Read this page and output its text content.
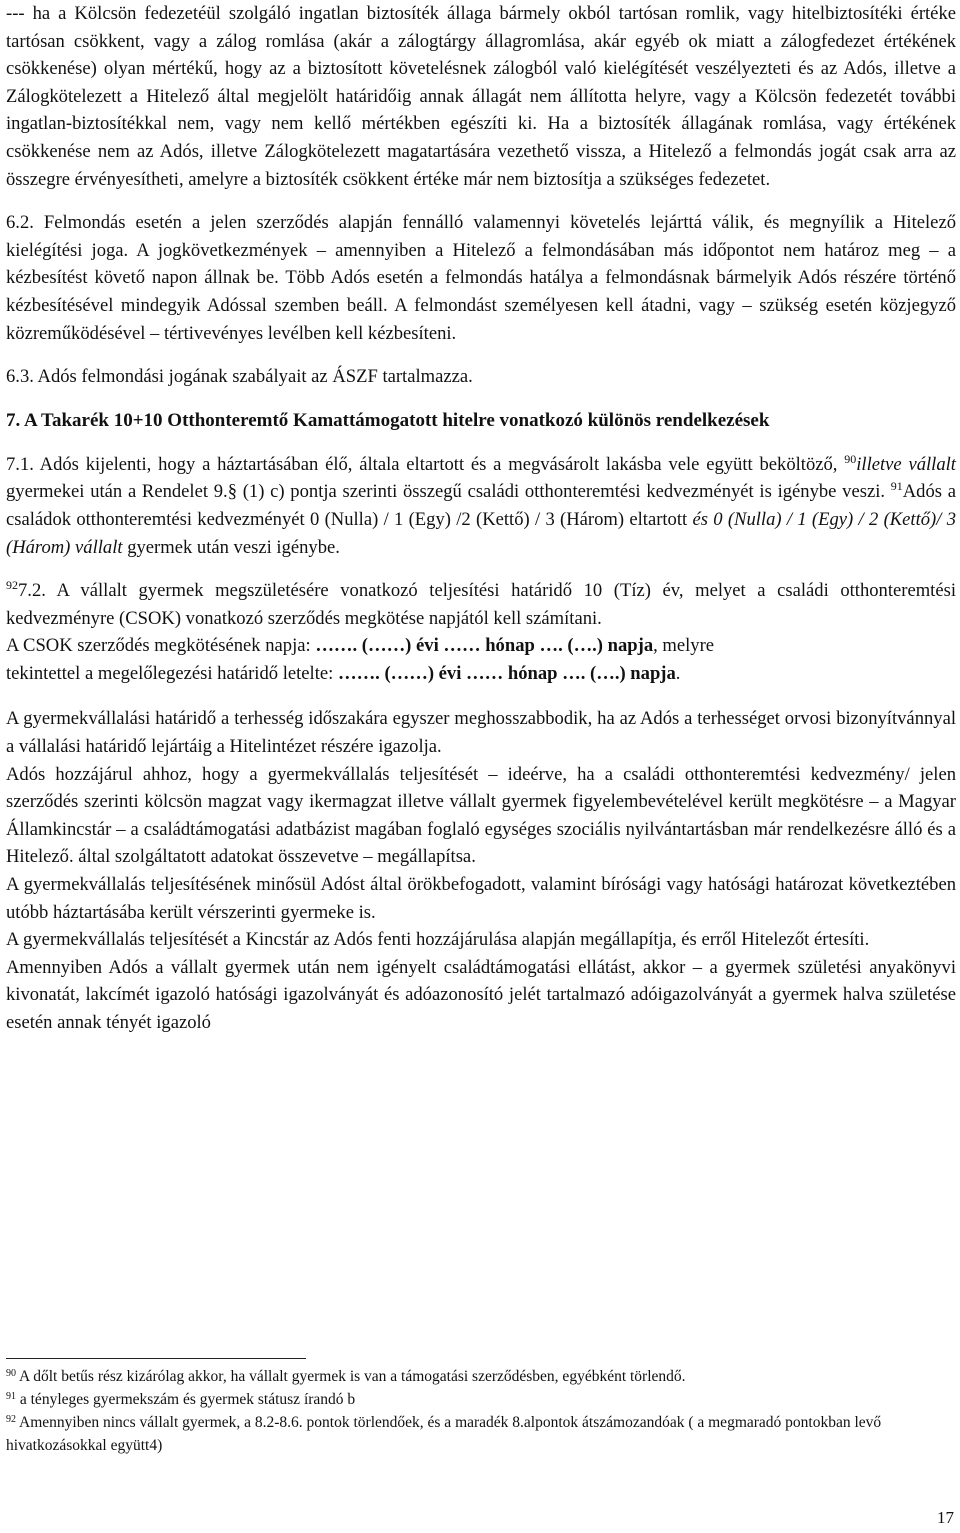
--- ha a Kölcsön fedezetéül szolgáló ingatlan biztosíték állaga bármely okból tartósan romlik, vagy hitelbiztosítéki értéke tartósan csökkent, vagy a zálog romlása (akár a zálogtárgy állagromlása, akár egyéb ok miatt a zálogfedezet értékének csökkenése) olyan mértékű, hogy az a biztosított követelésnek zálogból való kielégítését veszélyezteti és az Adós, illetve a Zálogkötelezett a Hitelező által megjelölt határidőig annak állagát nem állította helyre, vagy a Kölcsön fedezetét további ingatlan-biztosítékkal nem, vagy nem kellő mértékben egészíti ki. Ha a biztosíték állagának romlása, vagy értékének csökkenése nem az Adós, illetve Zálogkötelezett magatartására vezethető vissza, a Hitelező a felmondás jogát csak arra az összegre érvényesítheti, amelyre a biztosíték csökkent értéke már nem biztosítja a szükséges fedezetet.

6.2. Felmondás esetén a jelen szerződés alapján fennálló valamennyi követelés lejárttá válik, és megnyílik a Hitelező kielégítési joga. A jogkövetkezmények – amennyiben a Hitelező a felmondásában más időpontot nem határoz meg – a kézbesítést követő napon állnak be. Több Adós esetén a felmondás hatálya a felmondásnak bármelyik Adós részére történő kézbesítésével mindegyik Adóssal szemben beáll. A felmondást személyesen kell átadni, vagy – szükség esetén közjegyző közreműködésével – tértivevényes levélben kell kézbesíteni.

6.3. Adós felmondási jogának szabályait az ÁSZF tartalmazza.

7. A Takarék 10+10 Otthonteremtő Kamattámogatott hitelre vonatkozó különös rendelkezések

7.1. Adós kijelenti, hogy a háztartásában élő, általa eltartott és a megvásárolt lakásba vele együtt beköltöző, $^{90}$illetve vállalt gyermekei után a Rendelet 9.§ (1) c) pontja szerinti összegű családi otthonteremtési kedvezményét is igénybe veszi. $^{91}$Adós a családok otthonteremtési kedvezményét 0 (Nulla) / 1 (Egy) /2 (Kettő) / 3 (Három) eltartott és 0 (Nulla) / 1 (Egy) / 2 (Kettő)/ 3 (Három) vállalt gyermek után veszi igénybe.

$^{92}$7.2. A vállalt gyermek megszületésére vonatkozó teljesítési határidő 10 (Tíz) év, melyet a családi otthonteremtési kedvezményre (CSOK) vonatkozó szerződés megkötése napjától kell számítani.

A CSOK szerződés megkötésének napja: ……. (……) évi …… hónap …. (….) napja, melyre

tekintettel a megelőlegezési határidő letelte: ……. (……) évi …… hónap …. (….) napja.

A gyermekvállalási határidő a terhesség időszakára egyszer meghosszabbodik, ha az Adós a terhességet orvosi bizonyítvánnyal a vállalási határidő lejártáig a Hitelintézet részére igazolja.

Adós hozzájárul ahhoz, hogy a gyermekvállalás teljesítését – ideérve, ha a családi otthonteremtési kedvezmény/ jelen szerződés szerinti kölcsön magzat vagy ikermagzat illetve vállalt gyermek figyelembevételével került megkötésre – a Magyar Államkincstár – a családtámogatási adatbázist magában foglaló egységes szociális nyilvántartásban már rendelkezésre álló és a Hitelező. által szolgáltatott adatokat összevetve – megállapítsa.

A gyermekvállalás teljesítésének minősül Adóst által örökbefogadott, valamint bírósági vagy hatósági határozat következtében utóbb háztartásába került vérszerinti gyermeke is.

A gyermekvállalás teljesítését a Kincstár az Adós fenti hozzájárulása alapján megállapítja, és erről Hitelezőt értesíti.

Amennyiben Adós a vállalt gyermek után nem igényelt családtámogatási ellátást, akkor – a gyermek születési anyakönyvi kivonatát, lakcímét igazoló hatósági igazolványát és adóazonosító jelét tartalmazó adóigazolványát a gyermek halva születése esetén annak tényét igazoló

$^{90}$ A dőlt betűs rész kizárólag akkor, ha vállalt gyermek is van a támogatási szerződésben, egyébként törlendő.

$^{91}$ a tényleges gyermekszám és gyermek státusz írandó b

$^{92}$ Amennyiben nincs vállalt gyermek, a 8.2-8.6. pontok törlendőek, és a maradék 8.alpontok átszámozandóak ( a megmaradó pontokban levő hivatkozásokkal együtt4)

17
